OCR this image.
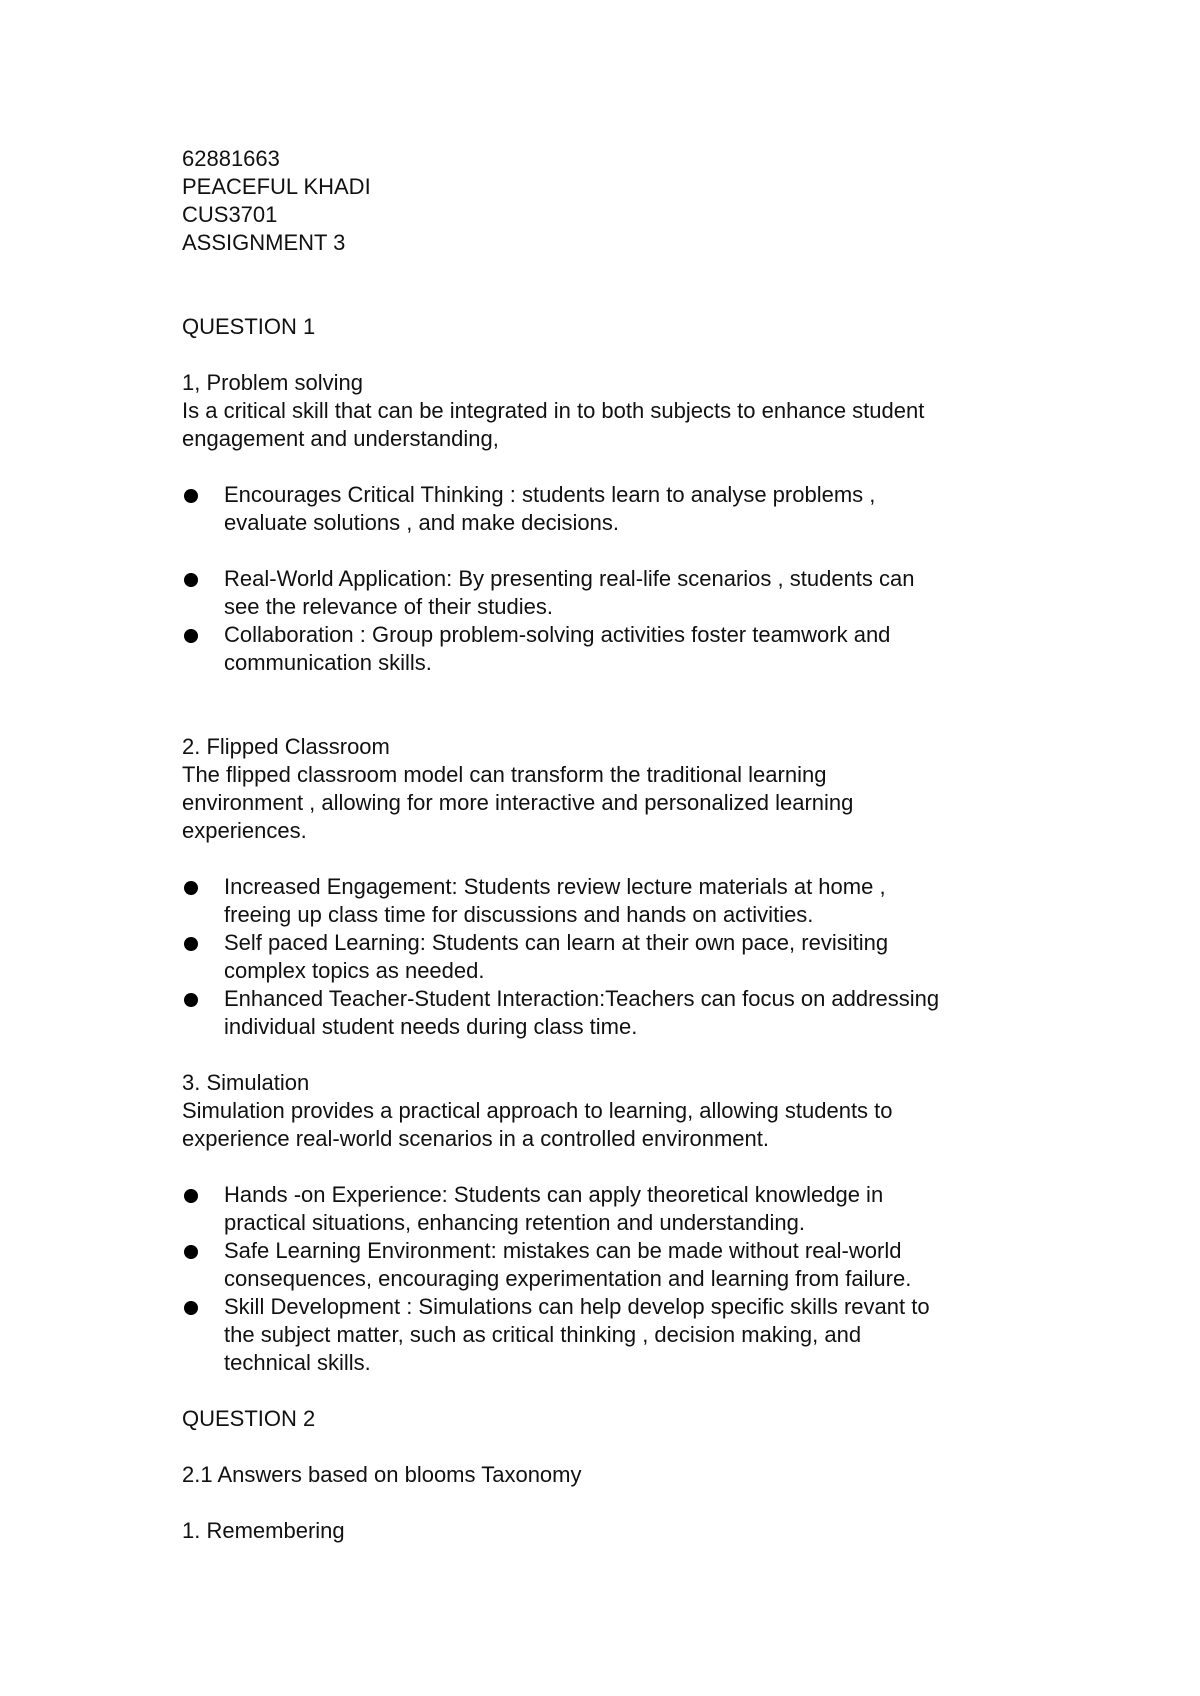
62881663

PEACEFUL KHADI

CUS3701

ASSIGNMENT 3

QUESTION 1

1, Problem solving

Is a critical skill that can be integrated in to both subjects to enhance student

engagement and understanding,

Encourages Critical Thinking : students learn to analyse problems ,
evaluate solutions , and make decisions.
Real-World Application: By presenting real-life scenarios , students can
see the relevance of their studies.
Collaboration : Group problem-solving activities foster teamwork and
communication skills.

2. Flipped Classroom

The flipped classroom model can transform the traditional learning

environment , allowing for more interactive and personalized learning

experiences.

Increased Engagement: Students review lecture materials at home ,
freeing up class time for discussions and hands on activities.
Self paced Learning: Students can learn at their own pace, revisiting
complex topics as needed.
Enhanced Teacher-Student Interaction:Teachers can focus on addressing
individual student needs during class time.

3. Simulation

Simulation provides a practical approach to learning, allowing students to

experience real-world scenarios in a controlled environment.

Hands -on Experience: Students can apply theoretical knowledge in
practical situations, enhancing retention and understanding.
Safe Learning Environment: mistakes can be made without real-world
consequences, encouraging experimentation and learning from failure.
Skill Development : Simulations can help develop specific skills revant to
the subject matter, such as critical thinking , decision making, and
technical skills.

QUESTION 2

2.1 Answers based on blooms Taxonomy

1. Remembering
